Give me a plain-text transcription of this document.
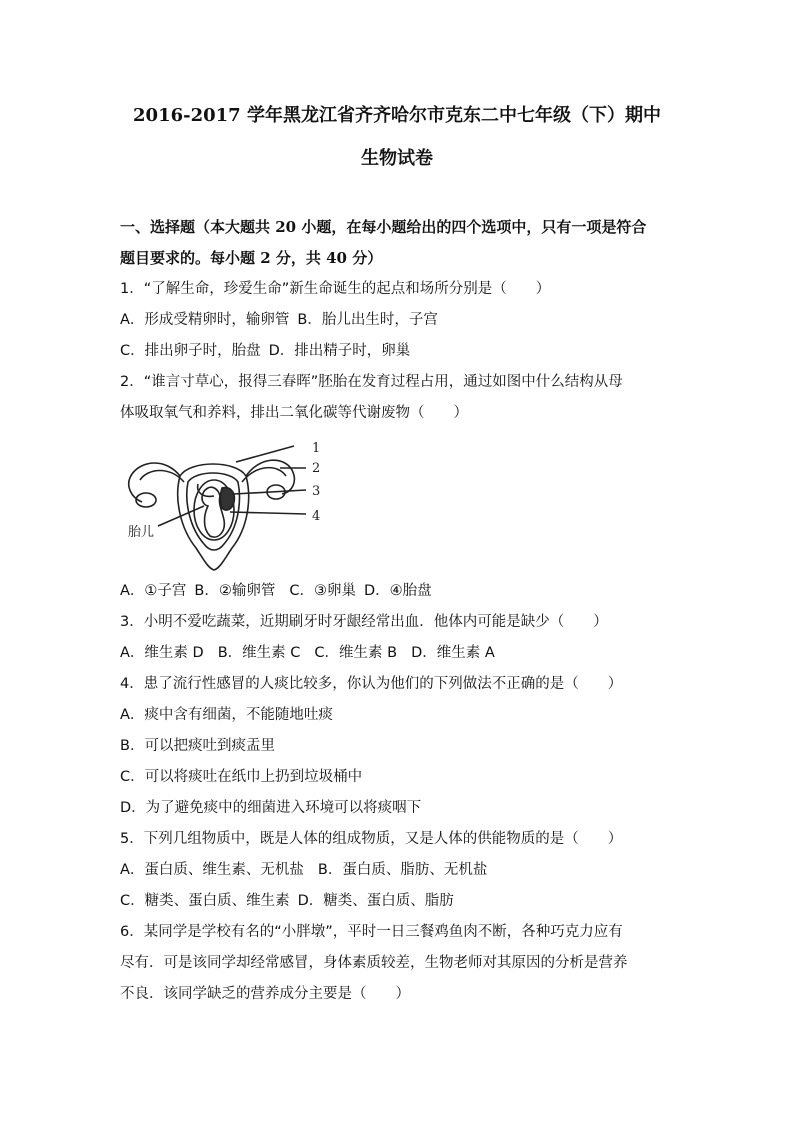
2016-2017 学年黑龙江省齐齐哈尔市克东二中七年级（下）期中
生物试卷
一、选择题（本大题共 20 小题，在每小题给出的四个选项中，只有一项是符合
题目要求的。每小题 2 分，共 40 分）
1．“了解生命，珍爱生命”新生命诞生的起点和场所分别是（　　）
A．形成受精卵时，输卵管 B．胎儿出生时，子宫
C．排出卵子时，胎盘 D．排出精子时，卵巢
2．“谁言寸草心，报得三春晖”胚胎在发育过程占用，通过如图中什么结构从母
体吸取氧气和养料，排出二氧化碳等代谢废物（　　）
1
2
3
4
胎儿
A．①子宫 B．②输卵管 C．③卵巢 D．④胎盘
3．小明不爱吃蔬菜，近期刷牙时牙龈经常出血．他体内可能是缺少（　　）
A．维生素 D B．维生素 C C．维生素 B D．维生素 A
4．患了流行性感冒的人痰比较多，你认为他们的下列做法不正确的是（　　）
A．痰中含有细菌，不能随地吐痰
B．可以把痰吐到痰盂里
C．可以将痰吐在纸巾上扔到垃圾桶中
D．为了避免痰中的细菌进入环境可以将痰咽下
5．下列几组物质中，既是人体的组成物质，又是人体的供能物质的是（　　）
A．蛋白质、维生素、无机盐 B．蛋白质、脂肪、无机盐
C．糖类、蛋白质、维生素 D．糖类、蛋白质、脂肪
6．某同学是学校有名的“小胖墩”，平时一日三餐鸡鱼肉不断，各种巧克力应有
尽有．可是该同学却经常感冒，身体素质较差，生物老师对其原因的分析是营养
不良．该同学缺乏的营养成分主要是（　　）
